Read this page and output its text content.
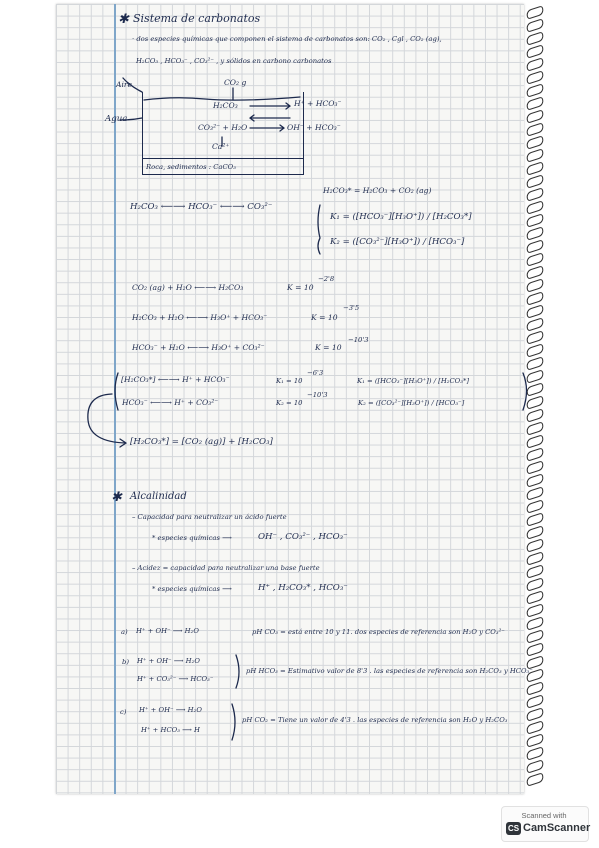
✱ Sistema de carbonatos
· dos especies químicas que componen el sistema de carbonatos son: CO₂ , Cgl , CO₂ (ag),
H₂CO₃ , HCO₃⁻ , CO₃²⁻ , y sólidos en carbono carbonatos
Aire
Agua
CO₂ g
H₂CO₃	H⁺ + HCO₃⁻
CO₃²⁻ + H₂O	OH⁻ + HCO₃⁻
Ca²⁺
Roca, sedimentos : CaCO₃
H₂CO₃ ⟵⟶ HCO₃⁻ ⟵⟶ CO₃²⁻
H₂CO₃* = H₂CO₃ + CO₂ (ag)
K₁ = ([HCO₃⁻][H₃O⁺]) / [H₂CO₃*]
K₂ = ([CO₃²⁻][H₃O⁺]) / [HCO₃⁻]
CO₂ (ag) + H₂O ⟵⟶ H₂CO₃	K = 10
−2'8
H₂CO₃ + H₂O ⟵⟶ H₃O⁺ + HCO₃⁻	K = 10
−3'5
HCO₃⁻ + H₂O ⟵⟶ H₃O⁺ + CO₃²⁻	K = 10
−10'3
[H₂CO₃*] ⟵⟶ H⁺ + HCO₃⁻	K₁ = 10
−6'3
K₁ = ([HCO₃⁻][H₃O⁺]) / [H₂CO₃*]
HCO₃⁻ ⟵⟶ H⁺ + CO₃²⁻	K₂ = 10
−10'3
K₂ = ([CO₃²⁻][H₃O⁺]) / [HCO₃⁻]
[H₂CO₃*] = [CO₂ (ag)] + [H₂CO₃]
✱ Alcalinidad
– Capacidad para neutralizar un ácido fuerte
* especies químicas ⟶	OH⁻ , CO₃²⁻ , HCO₃⁻
– Acidez = capacidad para neutralizar una base fuerte
* especies químicas ⟶	H⁺ , H₂CO₃* , HCO₃⁻
a) H⁺ + OH⁻ ⟶ H₂O	pH CO₃ = está entre 10 y 11. dos especies de referencia son H₂O y CO₃²⁻
b) H⁺ + OH⁻ ⟶ H₂O
H⁺ + CO₃²⁻ ⟶ HCO₃⁻
pH HCO₃ = Estimativo valor de 8'3 . las especies de referencia son H₂CO₃ y HCO₃⁻
c) H⁺ + OH⁻ ⟶ H₂O
H⁺ + HCO₃ ⟶ H
pH CO₂ = Tiene un valor de 4'3 . las especies de referencia son H₂O y H₂CO₃
Scanned with
CS CamScanner
